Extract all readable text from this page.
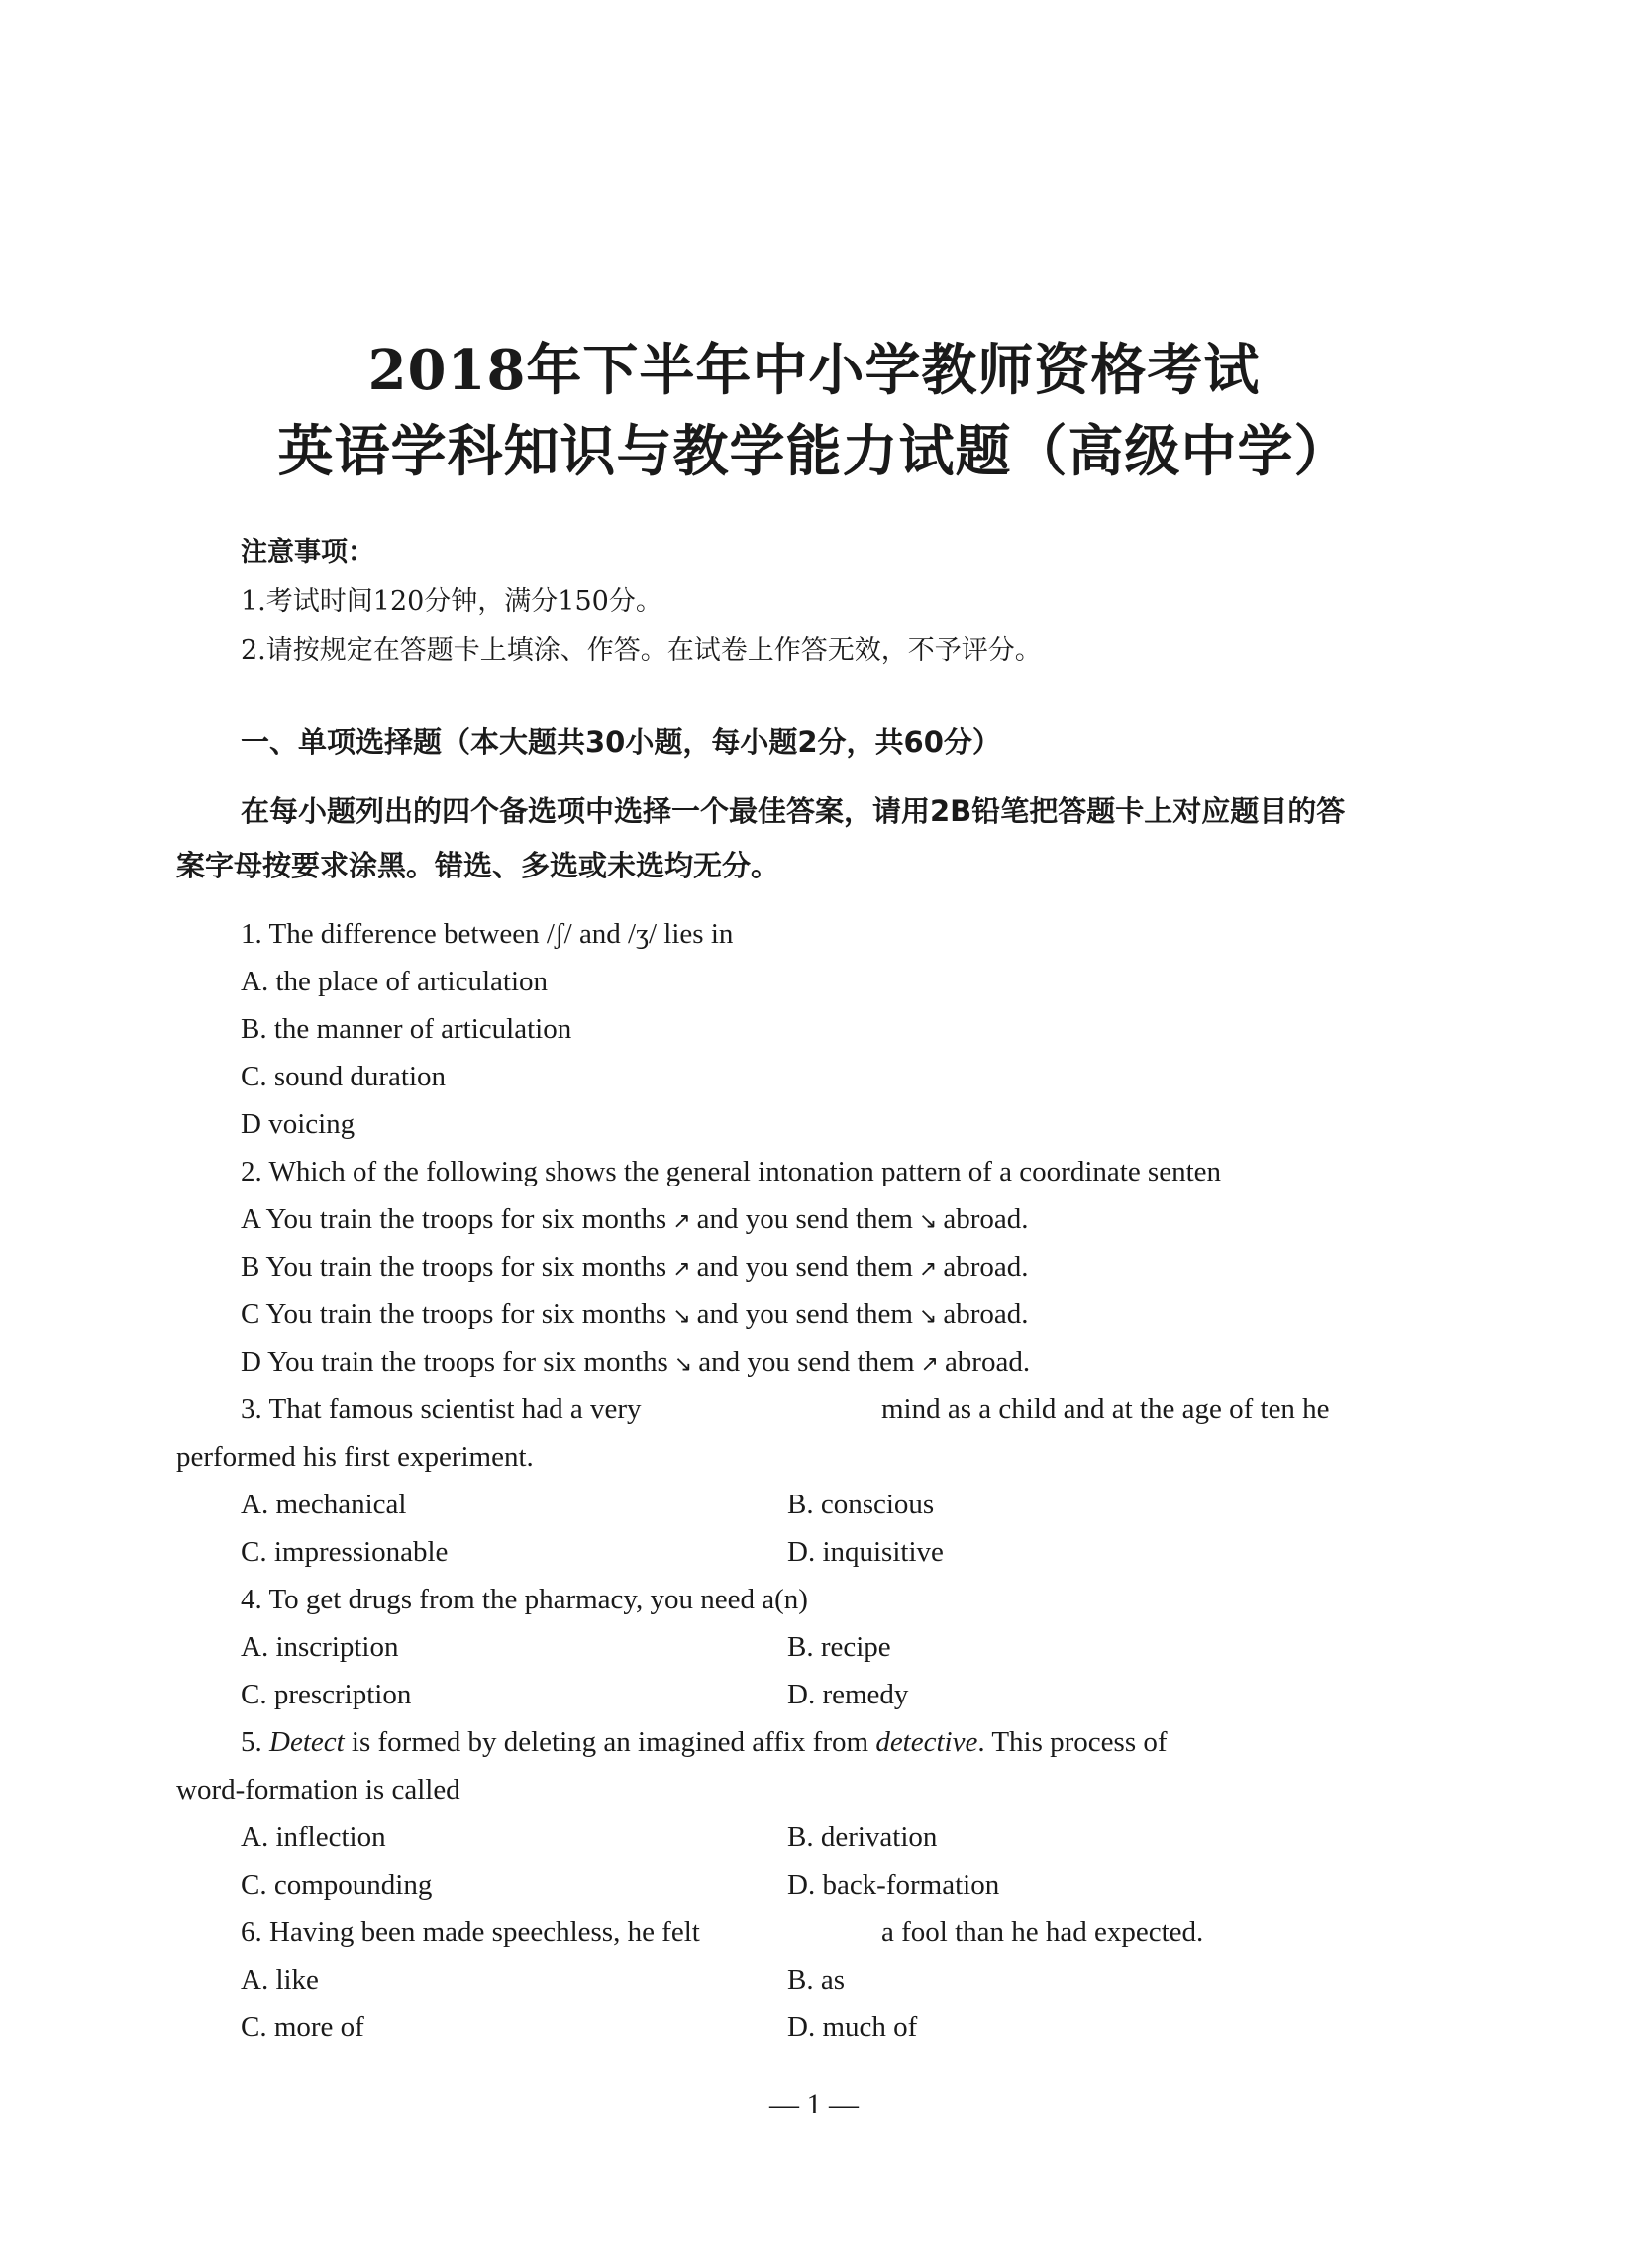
2018年下半年中小学教师资格考试
英语学科知识与教学能力试题（高级中学）
注意事项：
1.考试时间120分钟，满分150分。
2.请按规定在答题卡上填涂、作答。在试卷上作答无效，不予评分。
一、单项选择题（本大题共30小题，每小题2分，共60分）
在每小题列出的四个备选项中选择一个最佳答案，请用2B铅笔把答题卡上对应题目的答
案字母按要求涂黑。错选、多选或未选均无分。
1. The difference between /ʃ/ and /ʒ/ lies in
A. the place of articulation
B. the manner of articulation
C. sound duration
D voicing
2. Which of the following shows the general intonation pattern of a coordinate senten
A You train the troops for six months ↗ and you send them ↘ abroad.
B You train the troops for six months ↗ and you send them ↗ abroad.
C You train the troops for six months ↘ and you send them ↘ abroad.
D You train the troops for six months ↘ and you send them ↗ abroad.
3. That famous scientist had a very	mind as a child and at the age of ten he
performed his first experiment.
A. mechanical	B. conscious
C. impressionable	D. inquisitive
4. To get drugs from the pharmacy, you need a(n)
A. inscription	B. recipe
C. prescription	D. remedy
5. Detect is formed by deleting an imagined affix from detective. This process of
word-formation is called
A. inflection	B. derivation
C. compounding	D. back-formation
6. Having been made speechless, he felt	a fool than he had expected.
A. like	B. as
C. more of	D. much of
— 1 —
